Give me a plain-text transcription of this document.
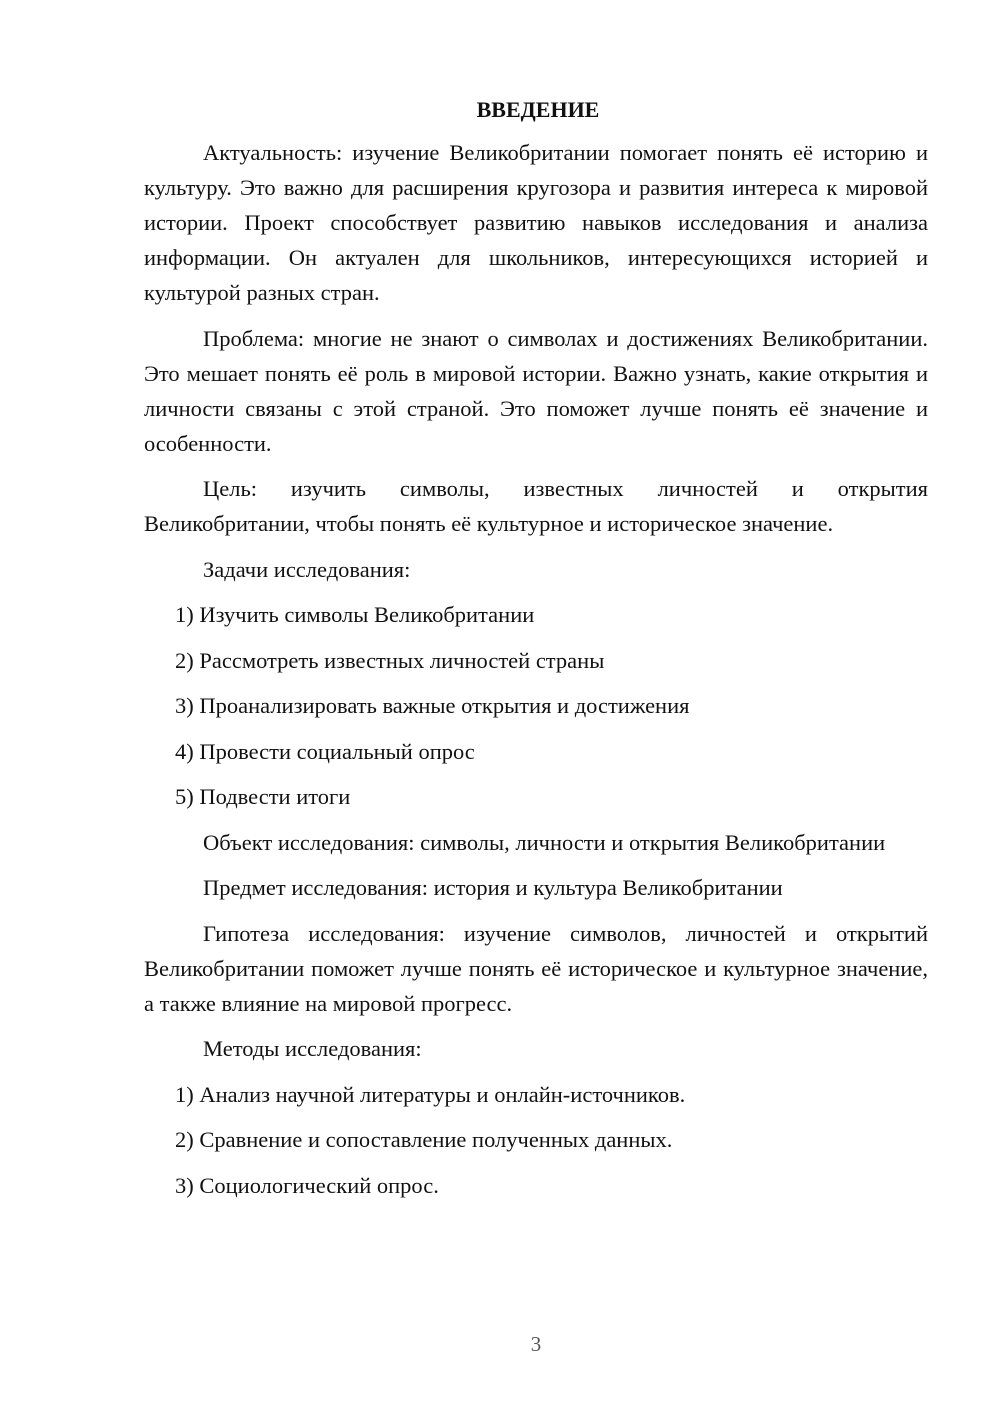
ВВЕДЕНИЕ

Актуальность: изучение Великобритании помогает понять её историю и культуру. Это важно для расширения кругозора и развития интереса к мировой истории. Проект способствует развитию навыков исследования и анализа информации. Он актуален для школьников, интересующихся историей и культурой разных стран.

Проблема: многие не знают о символах и достижениях Великобритании. Это мешает понять её роль в мировой истории. Важно узнать, какие открытия и личности связаны с этой страной. Это поможет лучше понять её значение и особенности.

Цель: изучить символы, известных личностей и открытия Великобритании, чтобы понять её культурное и историческое значение.

Задачи исследования:

1) Изучить символы Великобритании

2) Рассмотреть известных личностей страны

3) Проанализировать важные открытия и достижения

4) Провести социальный опрос

5) Подвести итоги

Объект исследования: символы, личности и открытия Великобритании

Предмет исследования: история и культура Великобритании

Гипотеза исследования: изучение символов, личностей и открытий Великобритании поможет лучше понять её историческое и культурное значение, а также влияние на мировой прогресс.

Методы исследования:

1) Анализ научной литературы и онлайн-источников.

2) Сравнение и сопоставление полученных данных.

3) Социологический опрос.

3
